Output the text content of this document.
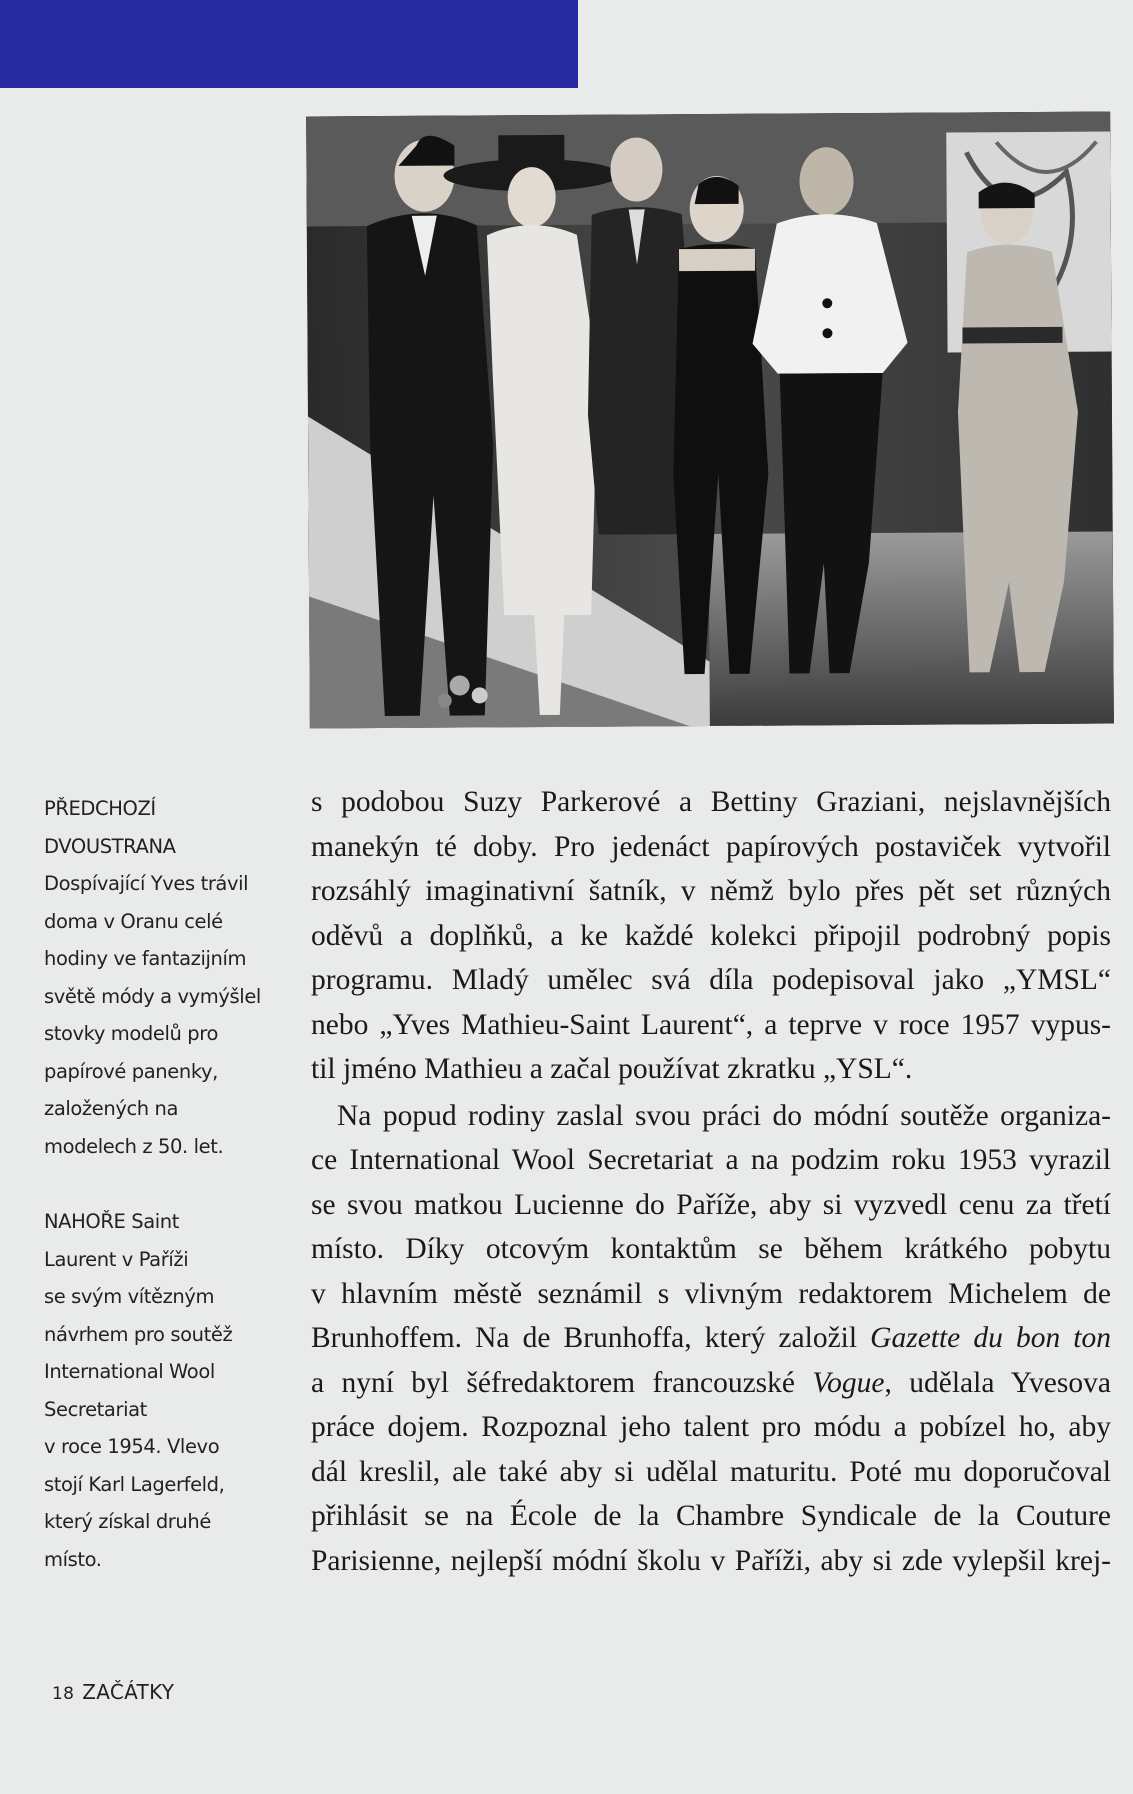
PŘEDCHOZÍ
DVOUSTRANA
Dospívající Yves trávil
doma v Oranu celé
hodiny ve fantazijním
světě módy a vymýšlel
stovky modelů pro
papírové panenky,
založených na
modelech z 50. let.
NAHOŘE Saint
Laurent v Paříži
se svým vítězným
návrhem pro soutěž
International Wool
Secretariat
v roce 1954. Vlevo
stojí Karl Lagerfeld,
který získal druhé
místo.

s podobou Suzy Parkerové a Bettiny Graziani, nejslavnějších
manekýn té doby. Pro jedenáct papírových postaviček vytvořil
rozsáhlý imaginativní šatník, v němž bylo přes pět set různých
oděvů a doplňků, a ke každé kolekci připojil podrobný popis
programu. Mladý umělec svá díla podepisoval jako „YMSL“
nebo „Yves Mathieu-Saint Laurent“, a teprve v roce 1957 vypus-
til jméno Mathieu a začal používat zkratku „YSL“.

Na popud rodiny zaslal svou práci do módní soutěže organiza-
ce International Wool Secretariat a na podzim roku 1953 vyrazil
se svou matkou Lucienne do Paříže, aby si vyzvedl cenu za třetí
místo. Díky otcovým kontaktům se během krátkého pobytu
v hlavním městě seznámil s vlivným redaktorem Michelem de
Brunhoffem. Na de Brunhoffa, který založil Gazette du bon ton
a nyní byl šéfredaktorem francouzské Vogue, udělala Yvesova
práce dojem. Rozpoznal jeho talent pro módu a pobízel ho, aby
dál kreslil, ale také aby si udělal maturitu. Poté mu doporučoval
přihlásit se na École de la Chambre Syndicale de la Couture
Parisienne, nejlepší módní školu v Paříži, aby si zde vylepšil krej-

18 ZAČÁTKY
